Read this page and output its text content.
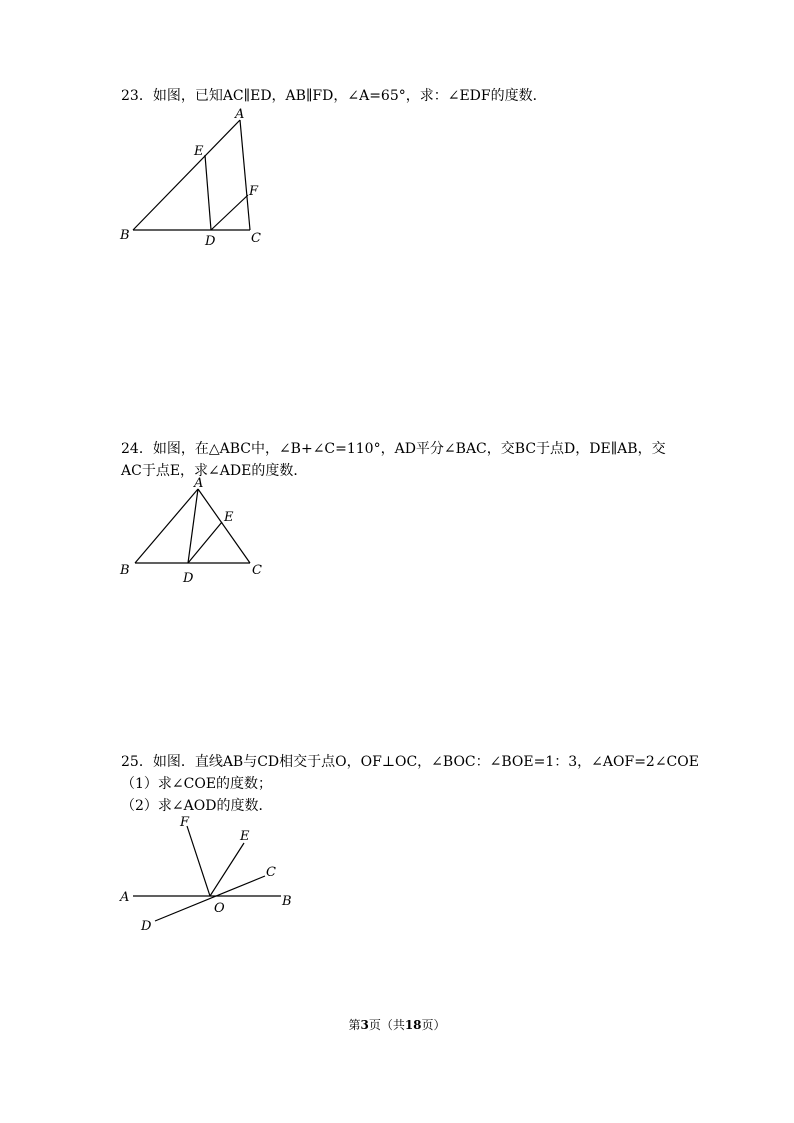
23．如图，已知AC∥ED，AB∥FD，∠A=65°，求：∠EDF的度数．
A
B	C
D
E
F
24．如图，在△ABC中，∠B+∠C=110°，AD平分∠BAC，交BC于点D，DE∥AB，交
AC于点E，求∠ADE的度数．
A
B	C
D
E
25．如图．直线AB与CD相交于点O，OF⊥OC，∠BOC：∠BOE=1：3，∠AOF=2∠COE
（1）求∠COE的度数；
（2）求∠AOD的度数．
A	B
C
D
E
F
O
第3页（共18页）
